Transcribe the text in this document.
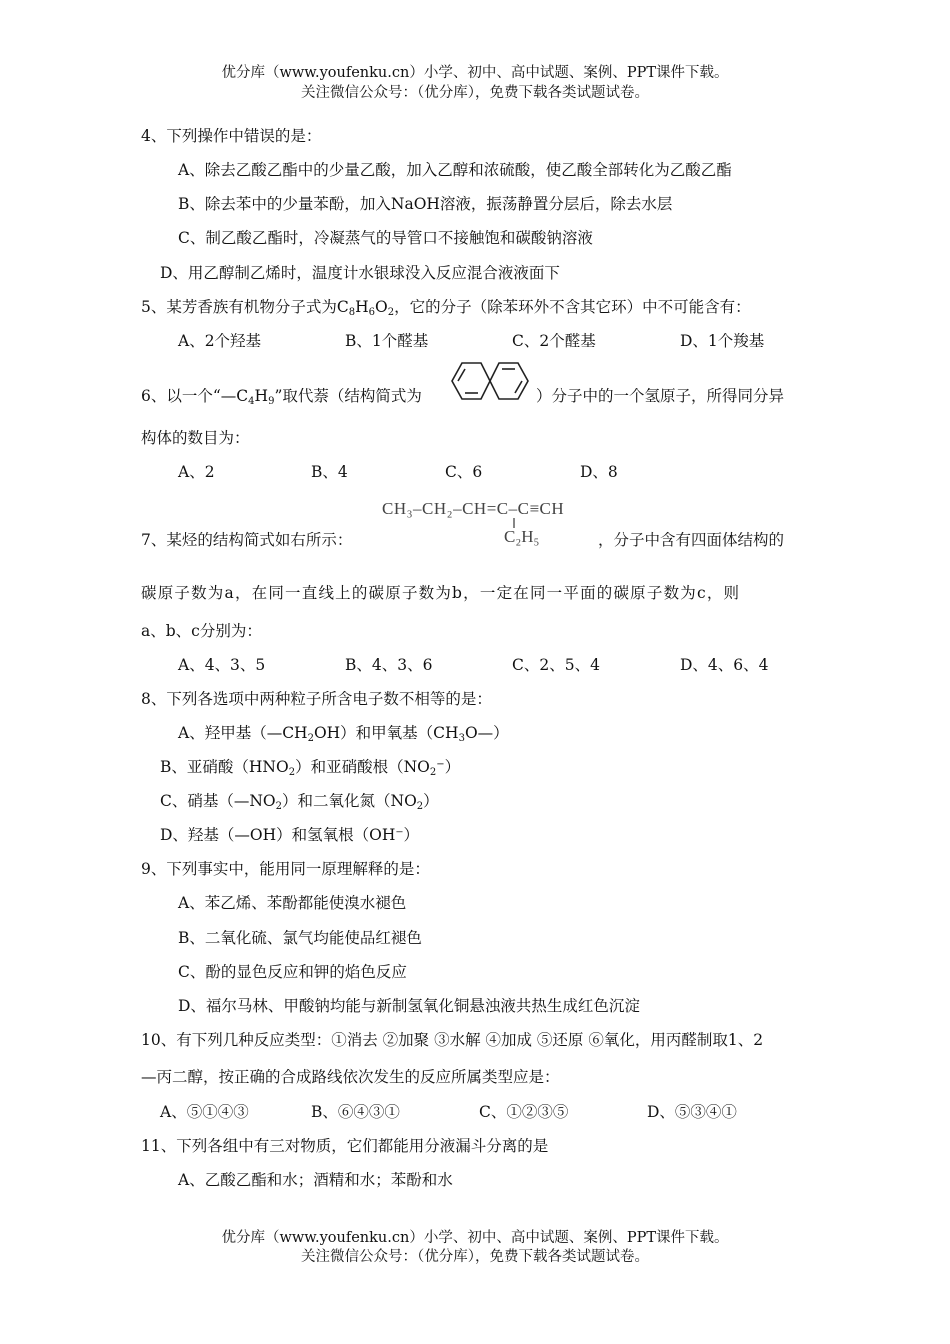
优分库（www.youfenku.cn）小学、初中、高中试题、案例、PPT课件下载。
关注微信公众号：（优分库），免费下载各类试题试卷。
4、下列操作中错误的是：
A、除去乙酸乙酯中的少量乙酸，加入乙醇和浓硫酸，使乙酸全部转化为乙酸乙酯
B、除去苯中的少量苯酚，加入NaOH溶液，振荡静置分层后，除去水层
C、制乙酸乙酯时，冷凝蒸气的导管口不接触饱和碳酸钠溶液
D、用乙醇制乙烯时，温度计水银球没入反应混合液液面下
5、某芳香族有机物分子式为$C_8H_6O_2$，它的分子（除苯环外不含其它环）中不可能含有：
A、2个羟基	B、1个醛基	C、2个醛基	D、1个羧基
6、以一个“$—C_4H_9$”取代萘（结构简式为	）分子中的一个氢原子，所得同分异
构体的数目为：
A、2	B、4	C、6	D、8
CH₃–CH₂–CH=C–C≡CH
C₂H₅
7、某烃的结构简式如右所示：	，分子中含有四面体结构的
碳原子数为a，在同一直线上的碳原子数为b，一定在同一平面的碳原子数为c，则
a、b、c分别为：
A、4、3、5	B、4、3、6	C、2、5、4	D、4、6、4
8、下列各选项中两种粒子所含电子数不相等的是：
A、羟甲基$(—CH_2OH)$和甲氧基$(CH_3O—)$
B、亚硝酸$(HNO_2)$和亚硝酸根$(NO_2^-)$
C、硝基$(—NO_2)$和二氧化氮$(NO_2)$
D、羟基（—OH）和氢氧根（OH⁻）
9、下列事实中，能用同一原理解释的是：
A、苯乙烯、苯酚都能使溴水褪色
B、二氧化硫、氯气均能使品红褪色
C、酚的显色反应和钾的焰色反应
D、福尔马林、甲酸钠均能与新制氢氧化铜悬浊液共热生成红色沉淀
10、有下列几种反应类型：①消去 ②加聚 ③水解 ④加成 ⑤还原 ⑥氧化，用丙醛制取1、2
—丙二醇，按正确的合成路线依次发生的反应所属类型应是：
A、⑤①④③	B、⑥④③①	C、①②③⑤	D、⑤③④①
11、下列各组中有三对物质，它们都能用分液漏斗分离的是
A、乙酸乙酯和水；酒精和水；苯酚和水
优分库（www.youfenku.cn）小学、初中、高中试题、案例、PPT课件下载。
关注微信公众号：（优分库），免费下载各类试题试卷。
